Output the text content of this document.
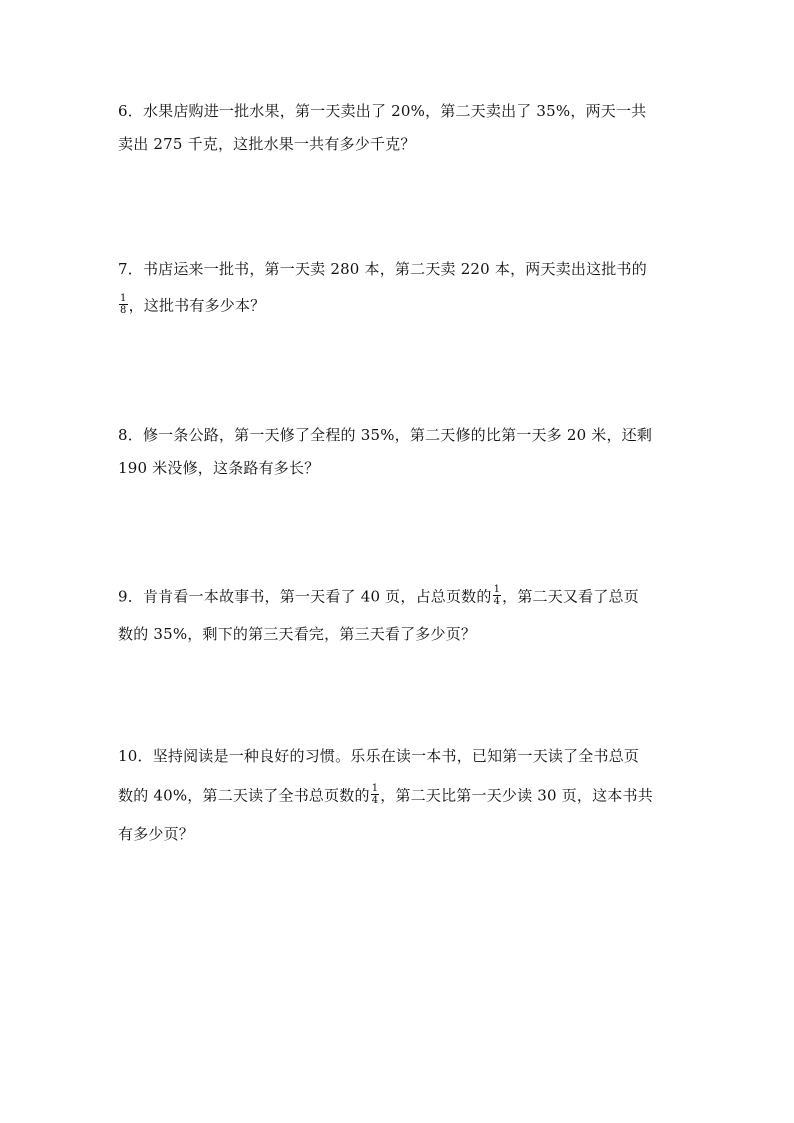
6．水果店购进一批水果，第一天卖出了 20%，第二天卖出了 35%，两天一共
卖出 275 千克，这批水果一共有多少千克？
7．书店运来一批书，第一天卖 280 本，第二天卖 220 本，两天卖出这批书的
$\frac{1}{8}$ ，这批书有多少本？
8．修一条公路，第一天修了全程的 35%，第二天修的比第一天多 20 米，还剩
190 米没修，这条路有多长？
9．肯肯看一本故事书，第一天看了 40 页，占总页数的 $\frac{1}{4}$ ，第二天又看了总页
数的 35%，剩下的第三天看完，第三天看了多少页？
10．坚持阅读是一种良好的习惯。乐乐在读一本书，已知第一天读了全书总页
数的 40%，第二天读了全书总页数的 $\frac{1}{4}$ ，第二天比第一天少读 30 页，这本书共
有多少页？
